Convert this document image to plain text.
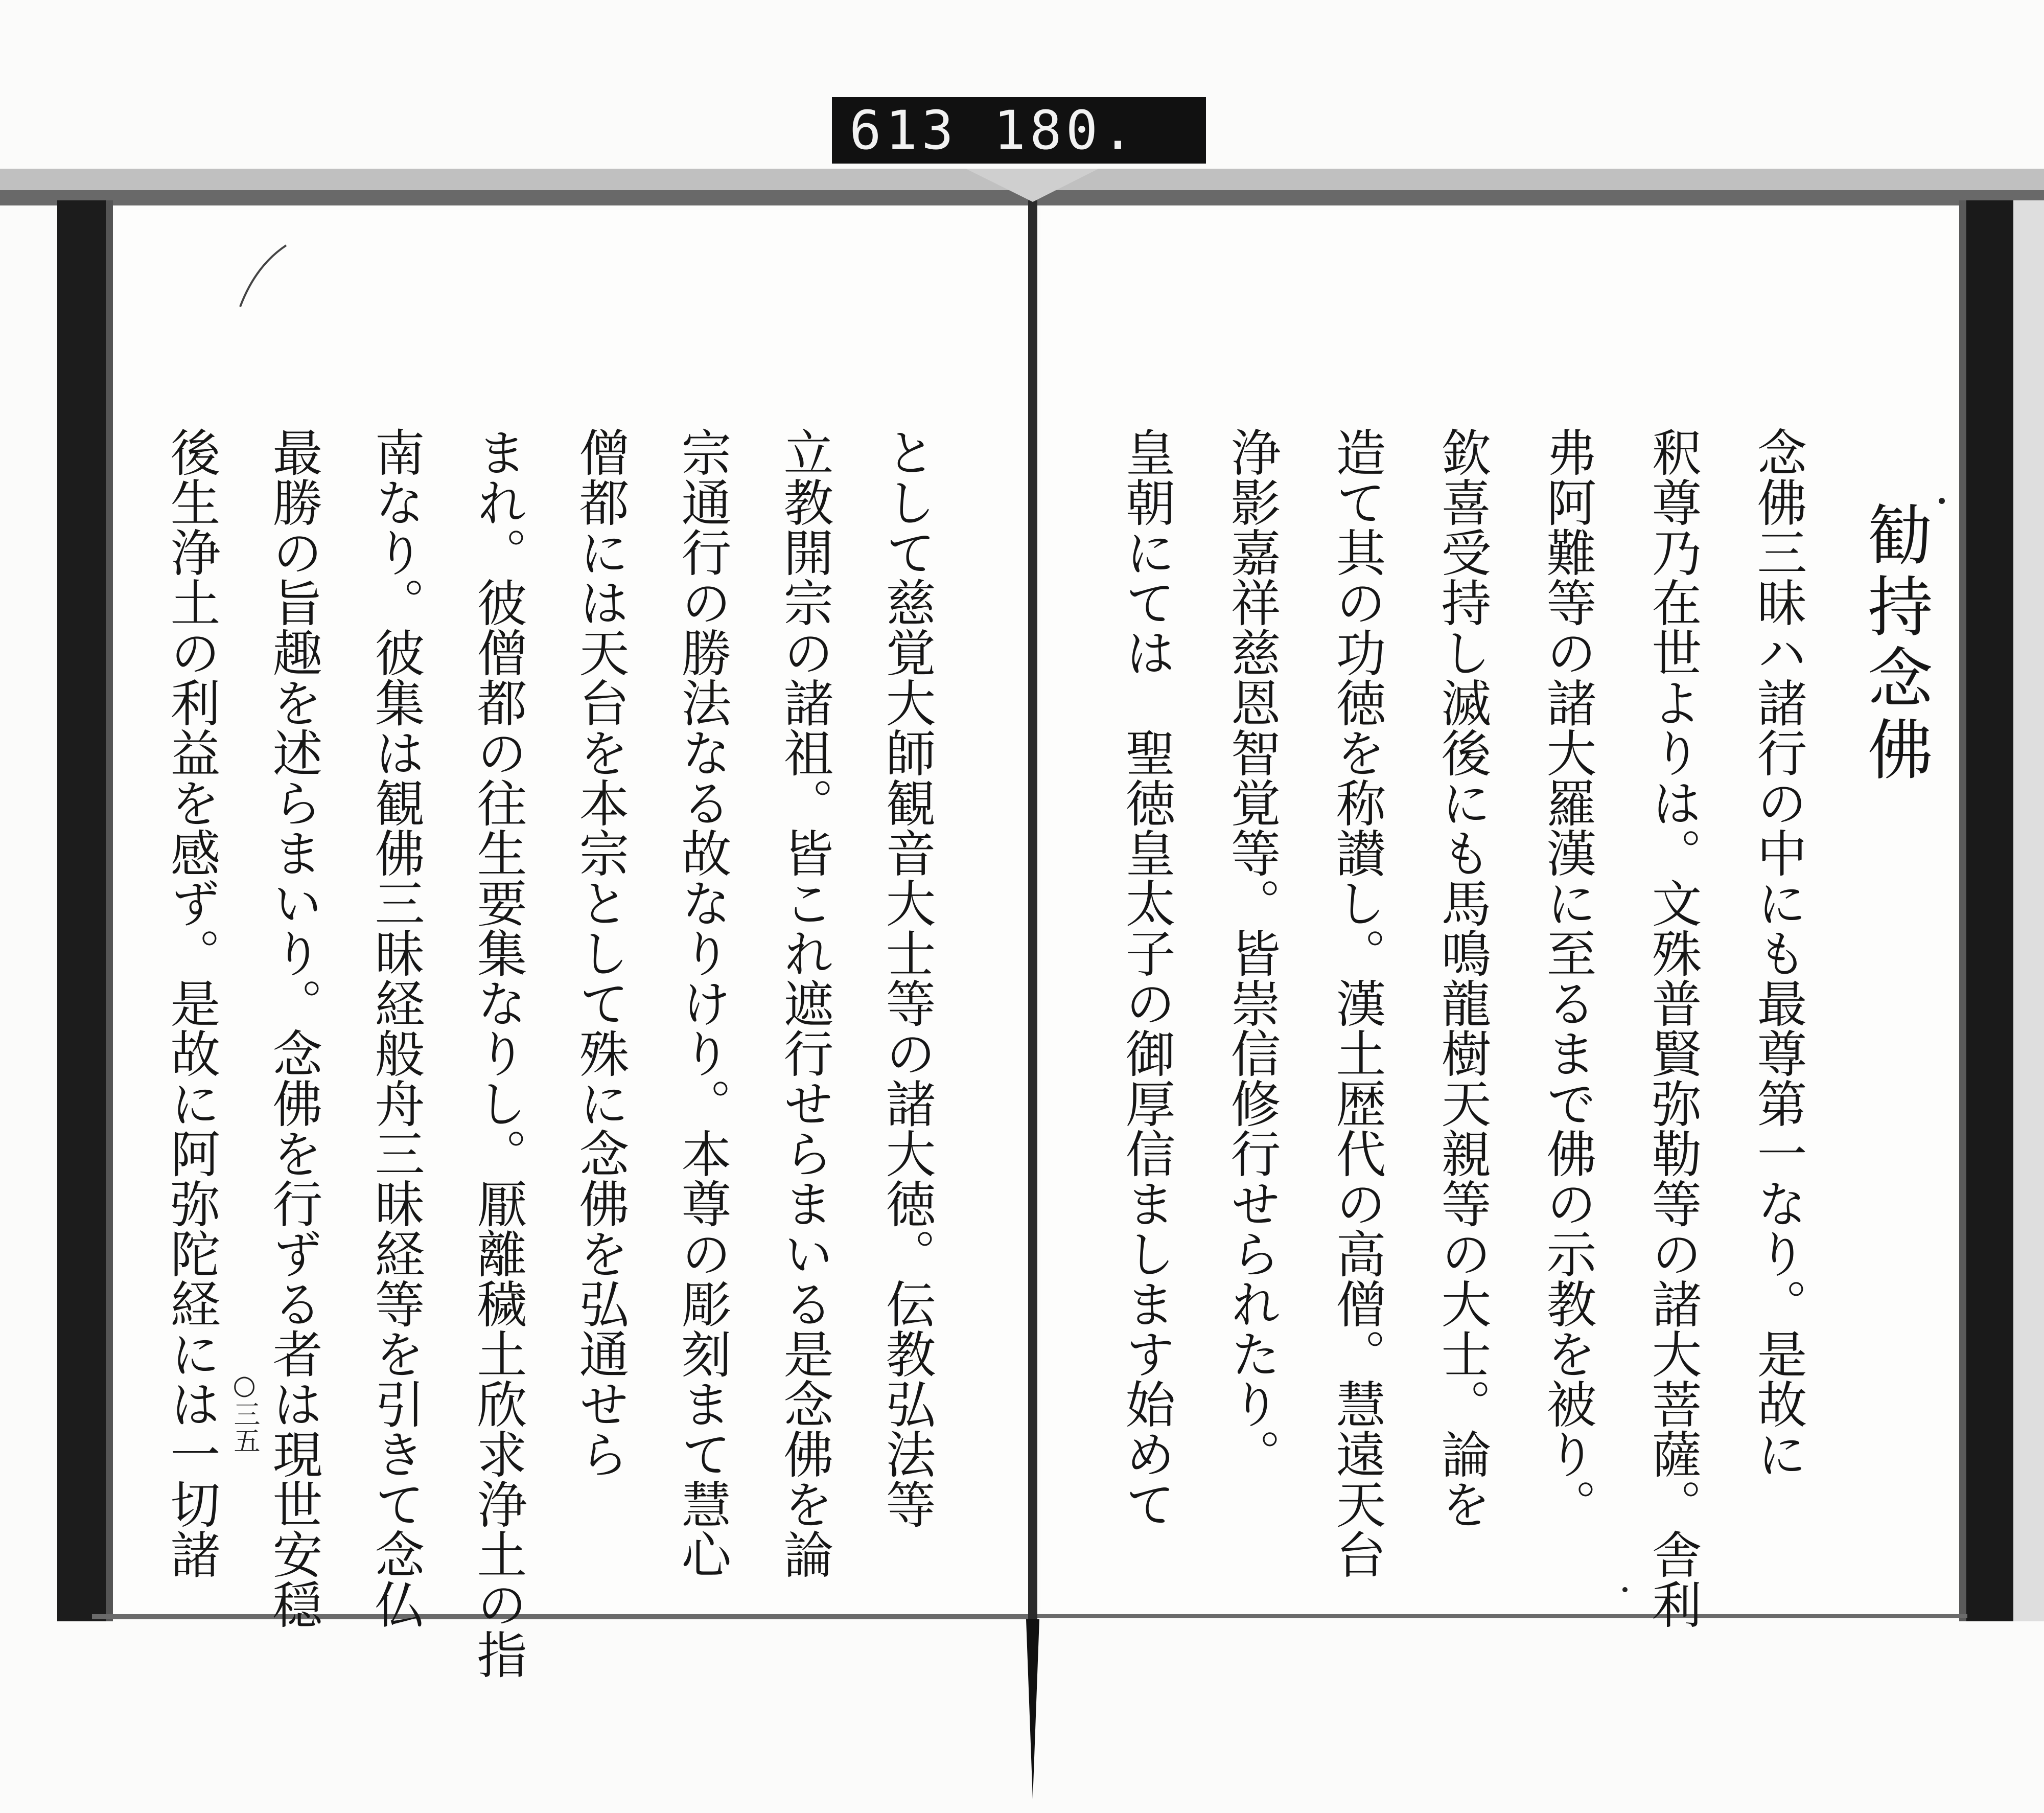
613 180.
勧持念佛
念佛三昧ハ諸行の中にも最尊第一なり。是故に
釈尊乃在世よりは。文殊普賢弥勒等の諸大菩薩。舎利
弗阿難等の諸大羅漢に至るまで佛の示教を被り。
欽喜受持し滅後にも馬鳴龍樹天親等の大士。論を
造て其の功徳を称讃し。漢土歴代の高僧。慧遠天台
浄影嘉祥慈恩智覚等。皆崇信修行せられたり。
皇朝にては　聖徳皇太子の御厚信まします始めて
○三五	として慈覚大師観音大士等の諸大徳。伝教弘法等
立教開宗の諸祖。皆これ遮行せらまいる是念佛を論
宗通行の勝法なる故なりけり。本尊の彫刻まて慧心
僧都には天台を本宗として殊に念佛を弘通せら
まれ。彼僧都の往生要集なりし。厭離穢土欣求浄土の指
南なり。彼集は観佛三昧経般舟三昧経等を引きて念仏
最勝の旨趣を述らまいり。念佛を行ずる者は現世安穏
後生浄土の利益を感ず。是故に阿弥陀経には一切諸
